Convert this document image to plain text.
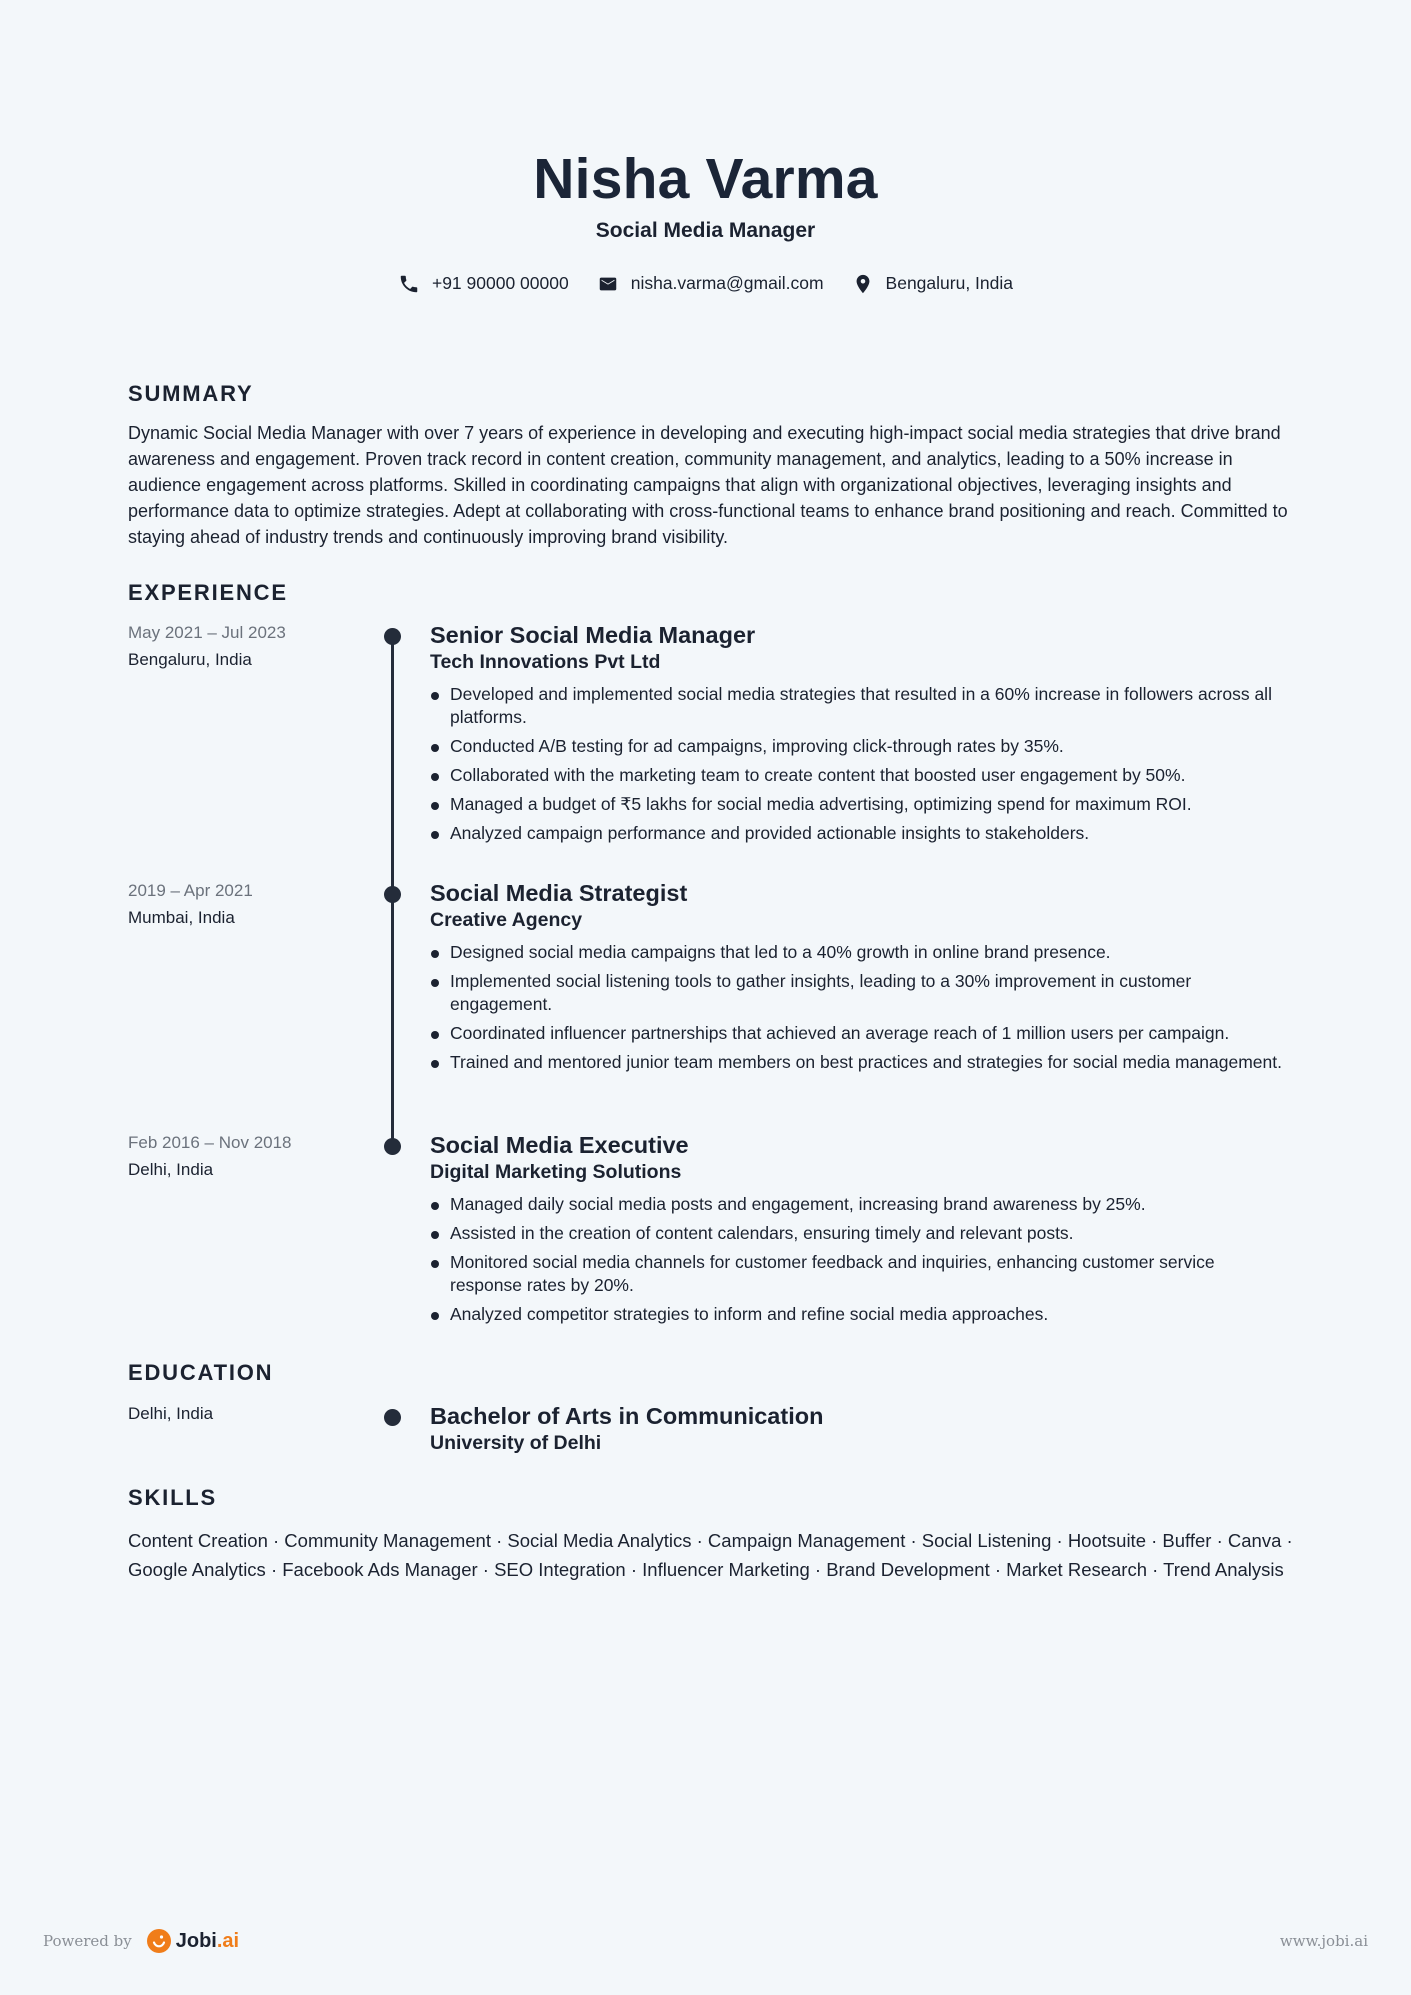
Nisha Varma
Social Media Manager
+91 90000 00000	nisha.varma@gmail.com	Bengaluru, India
SUMMARY

Dynamic Social Media Manager with over 7 years of experience in developing and executing high-impact social media strategies that drive brand awareness and engagement. Proven track record in content creation, community management, and analytics, leading to a 50% increase in audience engagement across platforms. Skilled in coordinating campaigns that align with organizational objectives, leveraging insights and performance data to optimize strategies. Adept at collaborating with cross-functional teams to enhance brand positioning and reach. Committed to staying ahead of industry trends and continuously improving brand visibility.

EXPERIENCE
May 2021 – Jul 2023
Bengaluru, India
Senior Social Media Manager
Tech Innovations Pvt Ltd
Developed and implemented social media strategies that resulted in a 60% increase in followers across all platforms.
Conducted A/B testing for ad campaigns, improving click-through rates by 35%.
Collaborated with the marketing team to create content that boosted user engagement by 50%.
Managed a budget of ₹5 lakhs for social media advertising, optimizing spend for maximum ROI.
Analyzed campaign performance and provided actionable insights to stakeholders.
2019 – Apr 2021
Mumbai, India
Social Media Strategist
Creative Agency
Designed social media campaigns that led to a 40% growth in online brand presence.
Implemented social listening tools to gather insights, leading to a 30% improvement in customer engagement.
Coordinated influencer partnerships that achieved an average reach of 1 million users per campaign.
Trained and mentored junior team members on best practices and strategies for social media management.
Feb 2016 – Nov 2018
Delhi, India
Social Media Executive
Digital Marketing Solutions
Managed daily social media posts and engagement, increasing brand awareness by 25%.
Assisted in the creation of content calendars, ensuring timely and relevant posts.
Monitored social media channels for customer feedback and inquiries, enhancing customer service response rates by 20%.
Analyzed competitor strategies to inform and refine social media approaches.
EDUCATION
Delhi, India	Bachelor of Arts in Communication
University of Delhi
SKILLS

Content Creation · Community Management · Social Media Analytics · Campaign Management · Social Listening · Hootsuite · Buffer · Canva · Google Analytics · Facebook Ads Manager · SEO Integration · Influencer Marketing · Brand Development · Market Research · Trend Analysis

Powered by Jobi.ai	www.jobi.ai
